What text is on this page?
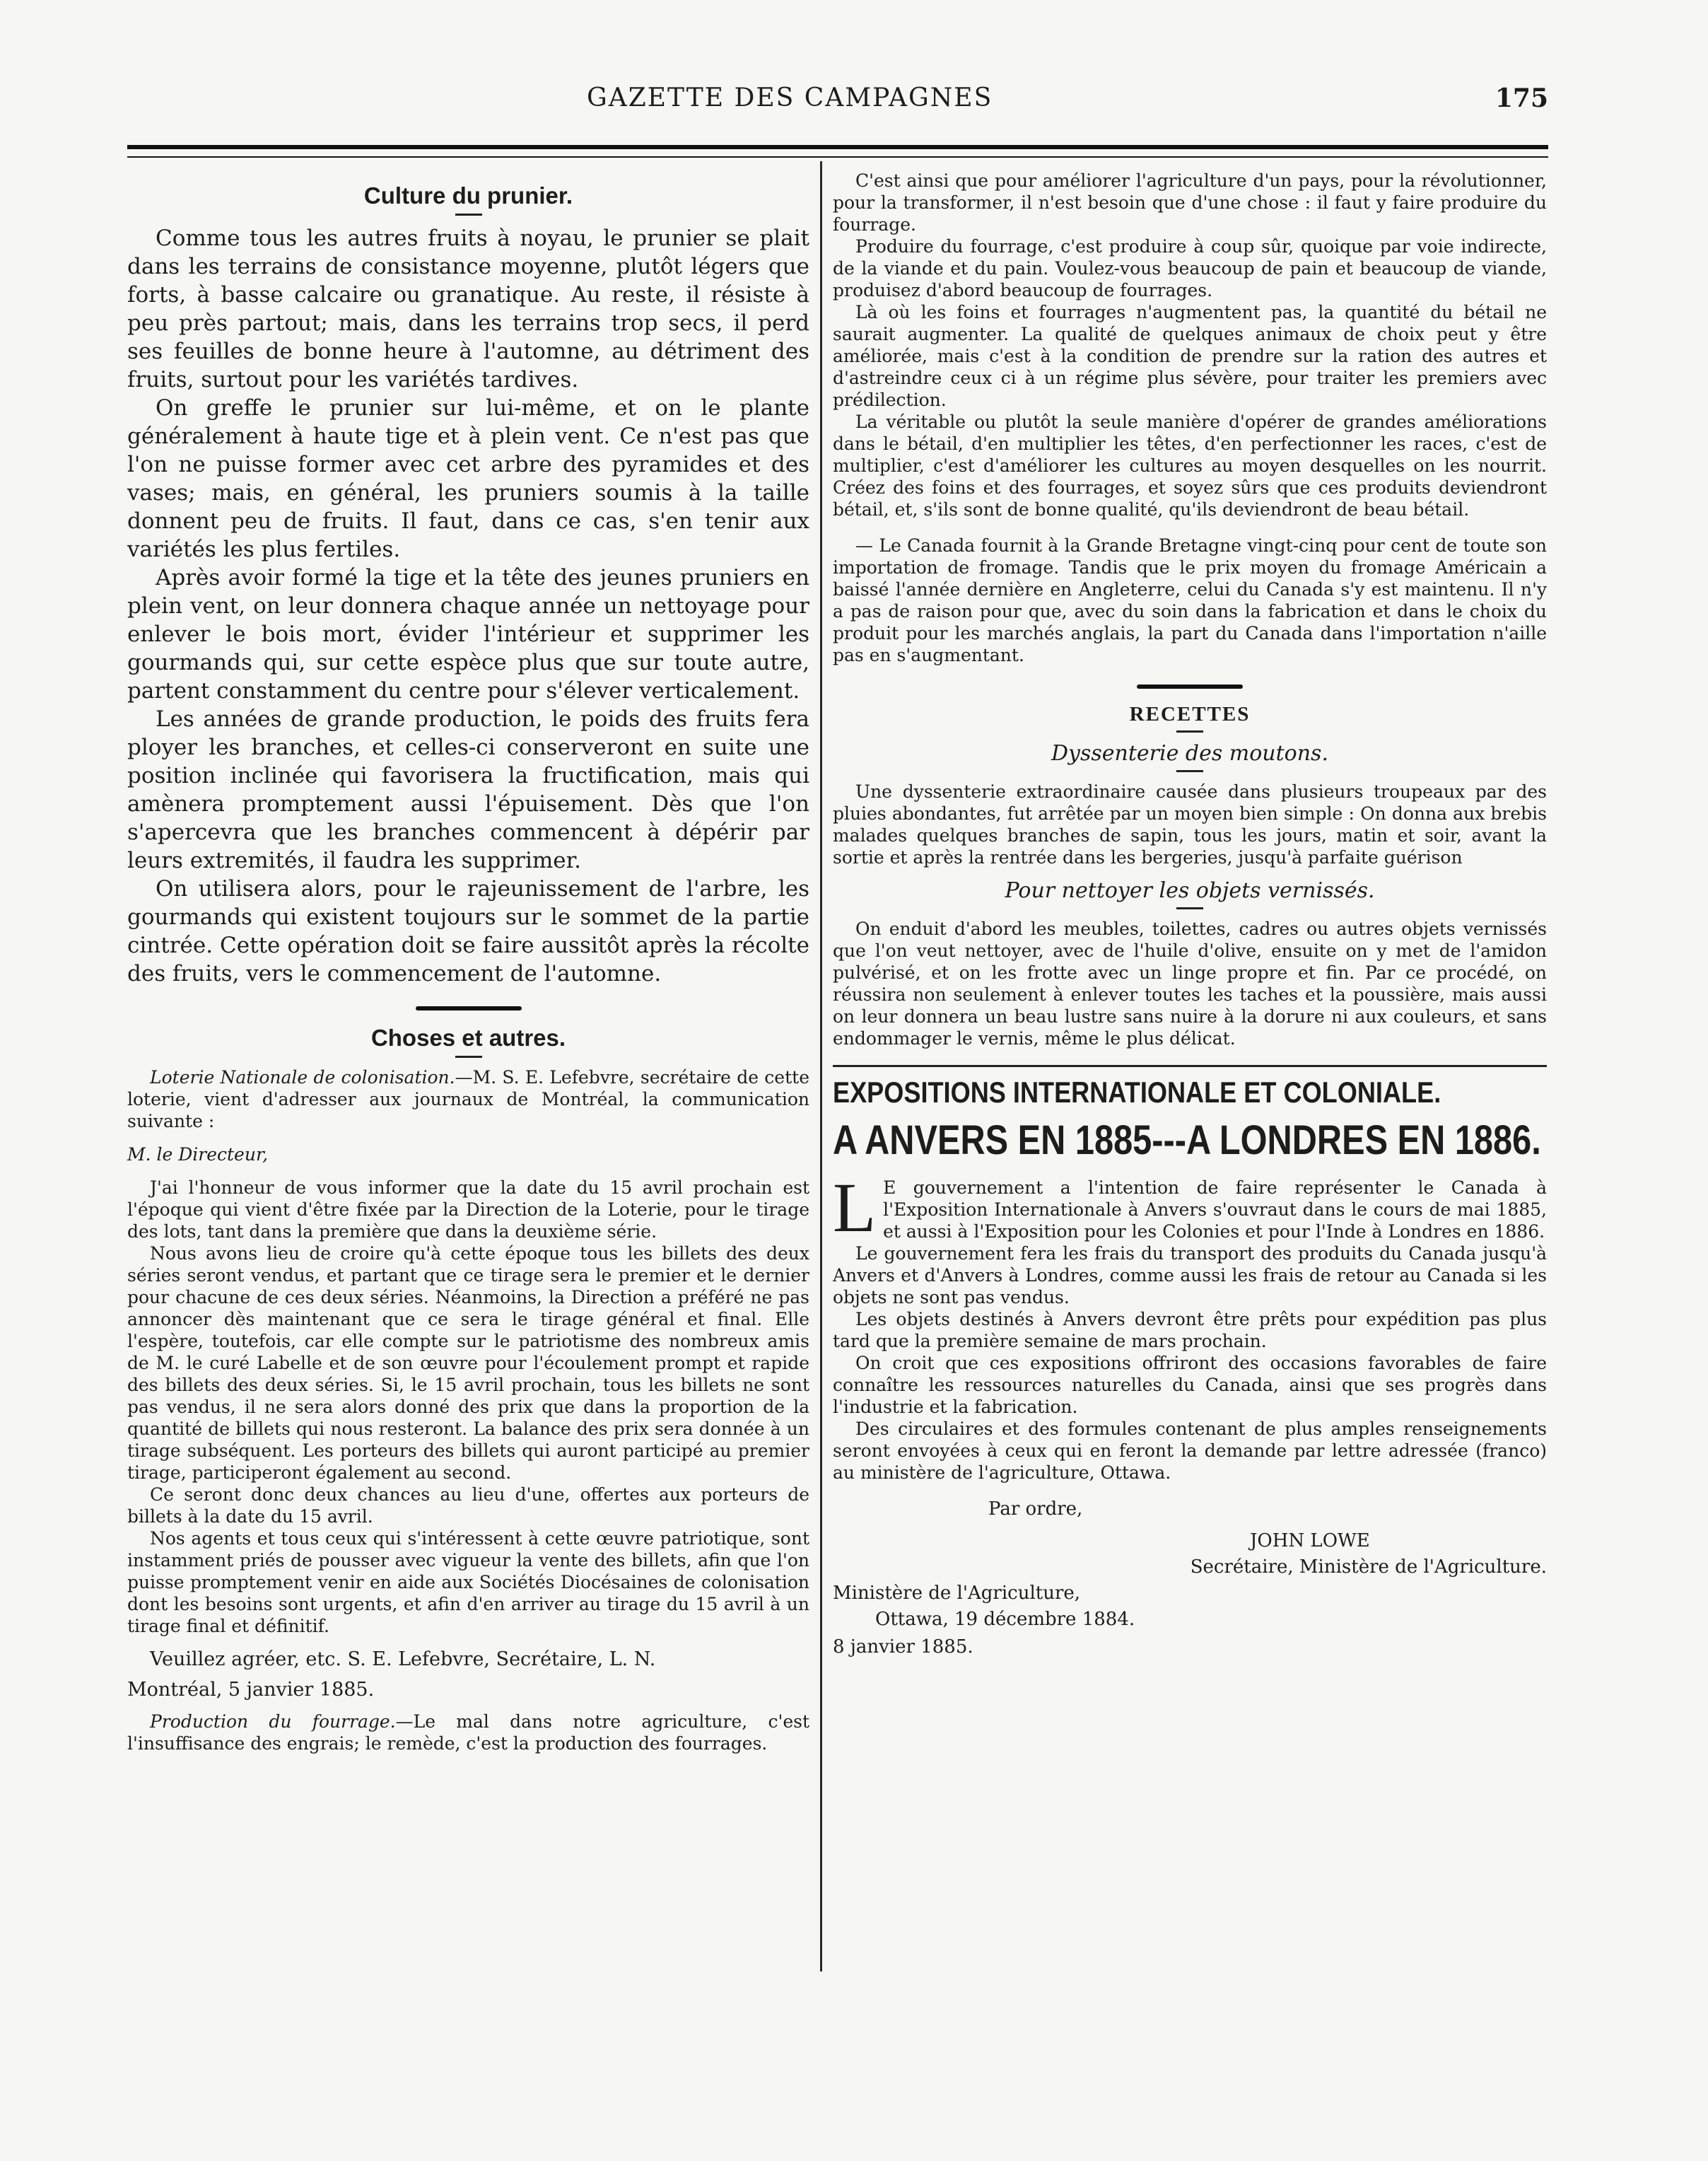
GAZETTE DES CAMPAGNES	175
Culture du prunier.

Comme tous les autres fruits à noyau, le prunier se plait dans les terrains de consistance moyenne, plutôt légers que forts, à basse calcaire ou granatique. Au reste, il résiste à peu près partout; mais, dans les terrains trop secs, il perd ses feuilles de bonne heure à l'automne, au détriment des fruits, surtout pour les variétés tardives.

On greffe le prunier sur lui-même, et on le plante généralement à haute tige et à plein vent. Ce n'est pas que l'on ne puisse former avec cet arbre des pyramides et des vases; mais, en général, les pruniers soumis à la taille donnent peu de fruits. Il faut, dans ce cas, s'en tenir aux variétés les plus fertiles.

Après avoir formé la tige et la tête des jeunes pruniers en plein vent, on leur donnera chaque année un nettoyage pour enlever le bois mort, évider l'intérieur et supprimer les gourmands qui, sur cette espèce plus que sur toute autre, partent constamment du centre pour s'élever verticalement.

Les années de grande production, le poids des fruits fera ployer les branches, et celles-ci conserveront en suite une position inclinée qui favorisera la fructification, mais qui amènera promptement aussi l'épuisement. Dès que l'on s'apercevra que les branches commencent à dépérir par leurs extremités, il faudra les supprimer.

On utilisera alors, pour le rajeunissement de l'arbre, les gourmands qui existent toujours sur le sommet de la partie cintrée. Cette opération doit se faire aussitôt après la récolte des fruits, vers le commencement de l'automne.

Choses et autres.

Loterie Nationale de colonisation.—M. S. E. Lefebvre, secrétaire de cette loterie, vient d'adresser aux journaux de Montréal, la communication suivante :

M. le Directeur,

J'ai l'honneur de vous informer que la date du 15 avril prochain est l'époque qui vient d'être fixée par la Direction de la Loterie, pour le tirage des lots, tant dans la première que dans la deuxième série.

Nous avons lieu de croire qu'à cette époque tous les billets des deux séries seront vendus, et partant que ce tirage sera le premier et le dernier pour chacune de ces deux séries. Néanmoins, la Direction a préféré ne pas annoncer dès maintenant que ce sera le tirage général et final. Elle l'espère, toutefois, car elle compte sur le patriotisme des nombreux amis de M. le curé Labelle et de son œuvre pour l'écoulement prompt et rapide des billets des deux séries. Si, le 15 avril prochain, tous les billets ne sont pas vendus, il ne sera alors donné des prix que dans la proportion de la quantité de billets qui nous resteront. La balance des prix sera donnée à un tirage subséquent. Les porteurs des billets qui auront participé au premier tirage, participeront également au second.

Ce seront donc deux chances au lieu d'une, offertes aux porteurs de billets à la date du 15 avril.

Nos agents et tous ceux qui s'intéressent à cette œuvre patriotique, sont instamment priés de pousser avec vigueur la vente des billets, afin que l'on puisse promptement venir en aide aux Sociétés Diocésaines de colonisation dont les besoins sont urgents, et afin d'en arriver au tirage du 15 avril à un tirage final et définitif.

Veuillez agréer, etc. S. E. Lefebvre, Secrétaire, L. N.

Montréal, 5 janvier 1885.

Production du fourrage.—Le mal dans notre agriculture, c'est l'insuffisance des engrais; le remède, c'est la production des fourrages.

C'est ainsi que pour améliorer l'agriculture d'un pays, pour la révolutionner, pour la transformer, il n'est besoin que d'une chose : il faut y faire produire du fourrage.

Produire du fourrage, c'est produire à coup sûr, quoique par voie indirecte, de la viande et du pain. Voulez-vous beaucoup de pain et beaucoup de viande, produisez d'abord beaucoup de fourrages.

Là où les foins et fourrages n'augmentent pas, la quantité du bétail ne saurait augmenter. La qualité de quelques animaux de choix peut y être améliorée, mais c'est à la condition de prendre sur la ration des autres et d'astreindre ceux ci à un régime plus sévère, pour traiter les premiers avec prédilection.

La véritable ou plutôt la seule manière d'opérer de grandes améliorations dans le bétail, d'en multiplier les têtes, d'en perfectionner les races, c'est de multiplier, c'est d'améliorer les cultures au moyen desquelles on les nourrit. Créez des foins et des fourrages, et soyez sûrs que ces produits deviendront bétail, et, s'ils sont de bonne qualité, qu'ils deviendront de beau bétail.

— Le Canada fournit à la Grande Bretagne vingt-cinq pour cent de toute son importation de fromage. Tandis que le prix moyen du fromage Américain a baissé l'année dernière en Angleterre, celui du Canada s'y est maintenu. Il n'y a pas de raison pour que, avec du soin dans la fabrication et dans le choix du produit pour les marchés anglais, la part du Canada dans l'importation n'aille pas en s'augmentant.

RECETTES
Dyssenterie des moutons.

Une dyssenterie extraordinaire causée dans plusieurs troupeaux par des pluies abondantes, fut arrêtée par un moyen bien simple : On donna aux brebis malades quelques branches de sapin, tous les jours, matin et soir, avant la sortie et après la rentrée dans les bergeries, jusqu'à parfaite guérison

Pour nettoyer les objets vernissés.

On enduit d'abord les meubles, toilettes, cadres ou autres objets vernissés que l'on veut nettoyer, avec de l'huile d'olive, ensuite on y met de l'amidon pulvérisé, et on les frotte avec un linge propre et fin. Par ce procédé, on réussira non seulement à enlever toutes les taches et la poussière, mais aussi on leur donnera un beau lustre sans nuire à la dorure ni aux couleurs, et sans endommager le vernis, même le plus délicat.

EXPOSITIONS INTERNATIONALE ET COLONIALE.
A ANVERS EN 1885---A LONDRES EN 1886.

L E gouvernement a l'intention de faire représenter le Canada à l'Exposition Internationale à Anvers s'ouvraut dans le cours de mai 1885, et aussi à l'Exposition pour les Colonies et pour l'Inde à Londres en 1886.

Le gouvernement fera les frais du transport des produits du Canada jusqu'à Anvers et d'Anvers à Londres, comme aussi les frais de retour au Canada si les objets ne sont pas vendus.

Les objets destinés à Anvers devront être prêts pour expédition pas plus tard que la première semaine de mars prochain.

On croit que ces expositions offriront des occasions favorables de faire connaître les ressources naturelles du Canada, ainsi que ses progrès dans l'industrie et la fabrication.

Des circulaires et des formules contenant de plus amples renseignements seront envoyées à ceux qui en feront la demande par lettre adressée (franco) au ministère de l'agriculture, Ottawa.

Par ordre,
JOHN LOWE
Secrétaire, Ministère de l'Agriculture.
Ministère de l'Agriculture,
Ottawa, 19 décembre 1884.
8 janvier 1885.
